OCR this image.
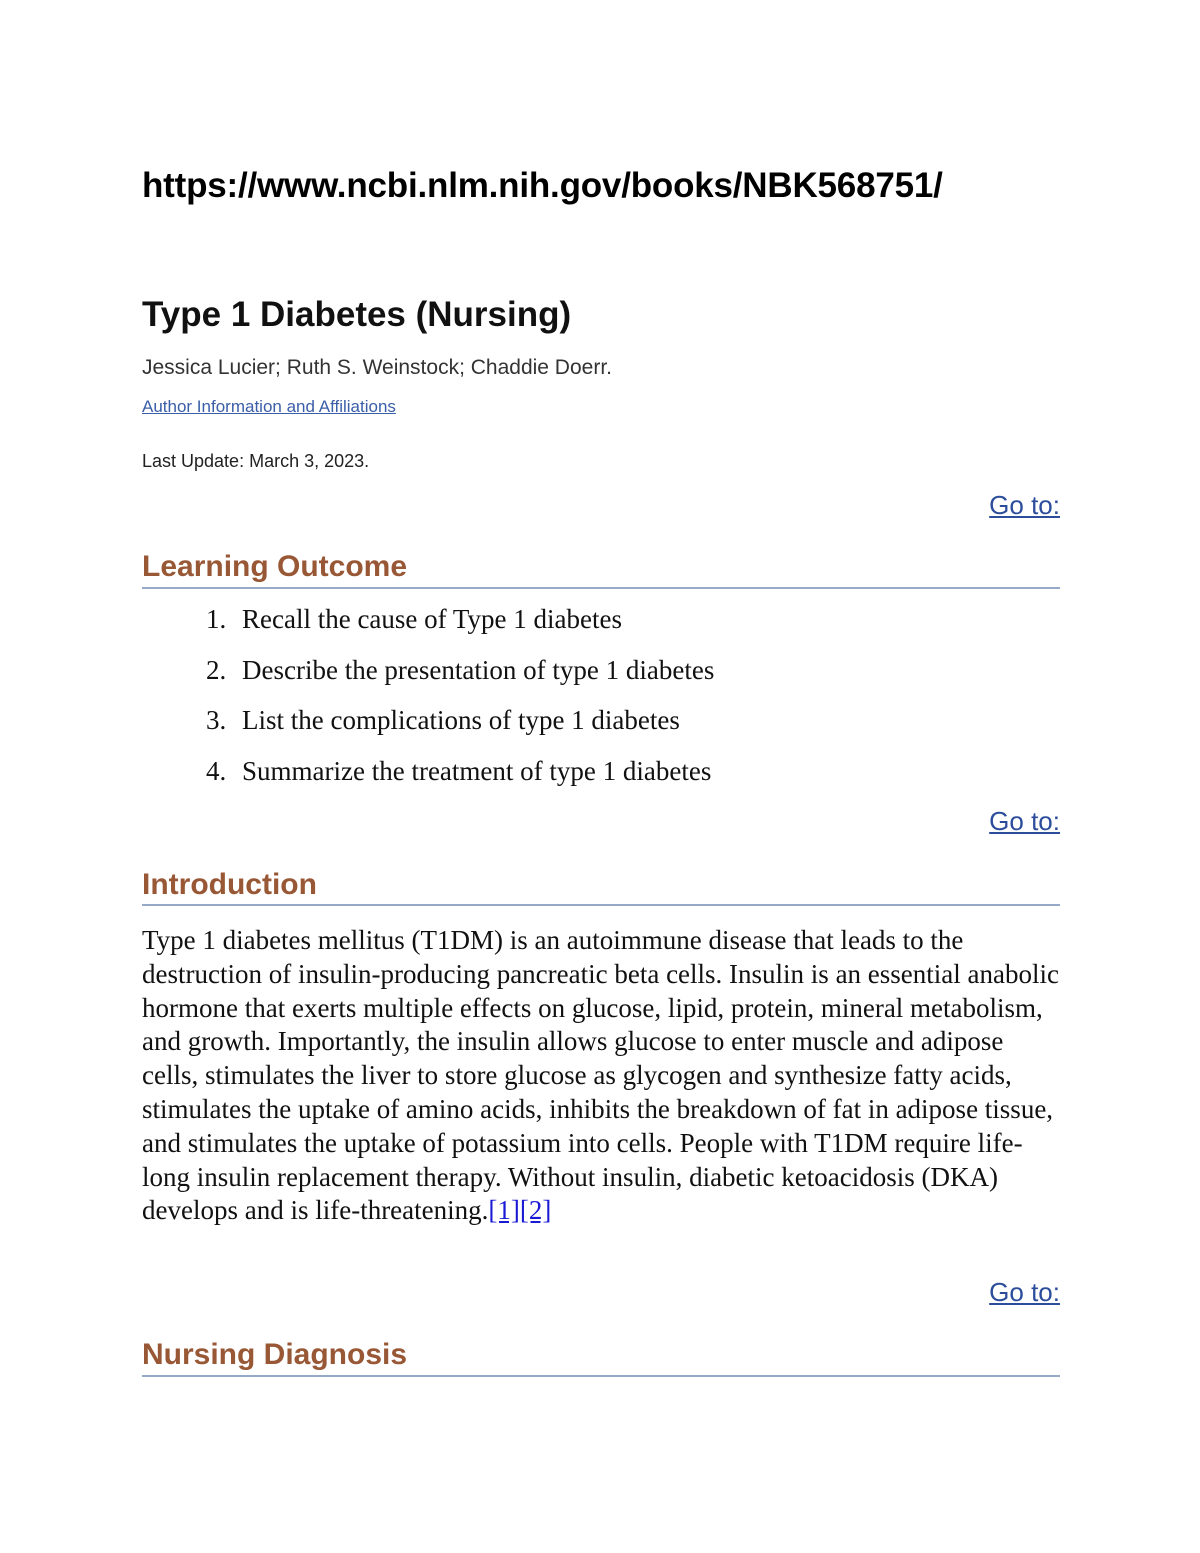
https://www.ncbi.nlm.nih.gov/books/NBK568751/
Type 1 Diabetes (Nursing)
Jessica Lucier; Ruth S. Weinstock; Chaddie Doerr.
Author Information and Affiliations
Last Update: March 3, 2023.
Go to:
Learning Outcome
1. Recall the cause of Type 1 diabetes
2. Describe the presentation of type 1 diabetes
3. List the complications of type 1 diabetes
4. Summarize the treatment of type 1 diabetes
Go to:
Introduction

Type 1 diabetes mellitus (T1DM) is an autoimmune disease that leads to the destruction of insulin-producing pancreatic beta cells. Insulin is an essential anabolic hormone that exerts multiple effects on glucose, lipid, protein, mineral metabolism, and growth. Importantly, the insulin allows glucose to enter muscle and adipose cells, stimulates the liver to store glucose as glycogen and synthesize fatty acids, stimulates the uptake of amino acids, inhibits the breakdown of fat in adipose tissue, and stimulates the uptake of potassium into cells. People with T1DM require life-long insulin replacement therapy. Without insulin, diabetic ketoacidosis (DKA) develops and is life-threatening.[1][2]

Go to:
Nursing Diagnosis
